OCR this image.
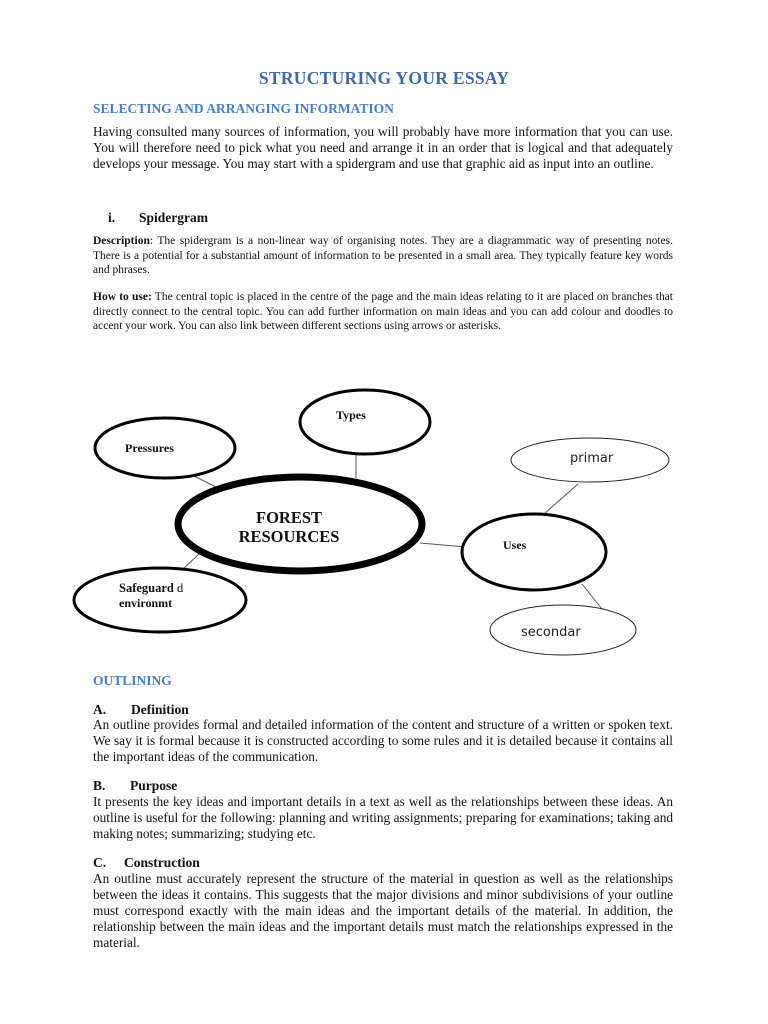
STRUCTURING YOUR ESSAY
SELECTING AND ARRANGING INFORMATION

Having consulted many sources of information, you will probably have more information that you can use. You will therefore need to pick what you need and arrange it in an order that is logical and that adequately develops your message. You may start with a spidergram and use that graphic aid as input into an outline.

i. Spidergram

Description: The spidergram is a non-linear way of organising notes. They are a diagrammatic way of presenting notes. There is a potential for a substantial amount of information to be presented in a small area. They typically feature key words and phrases.

How to use: The central topic is placed in the centre of the page and the main ideas relating to it are placed on branches that directly connect to the central topic. You can add further information on main ideas and you can add colour and doodles to accent your work. You can also link between different sections using arrows or asterisks.

Types
Pressures
FOREST
RESOURCES
primar
Uses
Safeguard d
environmt
secondar
OUTLINING
A. Definition

An outline provides formal and detailed information of the content and structure of a written or spoken text. We say it is formal because it is constructed according to some rules and it is detailed because it contains all the important ideas of the communication.

B. Purpose

It presents the key ideas and important details in a text as well as the relationships between these ideas. An outline is useful for the following: planning and writing assignments; preparing for examinations; taking and making notes; summarizing; studying etc.

C. Construction

An outline must accurately represent the structure of the material in question as well as the relationships between the ideas it contains. This suggests that the major divisions and minor subdivisions of your outline must correspond exactly with the main ideas and the important details of the material. In addition, the relationship between the main ideas and the important details must match the relationships expressed in the material.
